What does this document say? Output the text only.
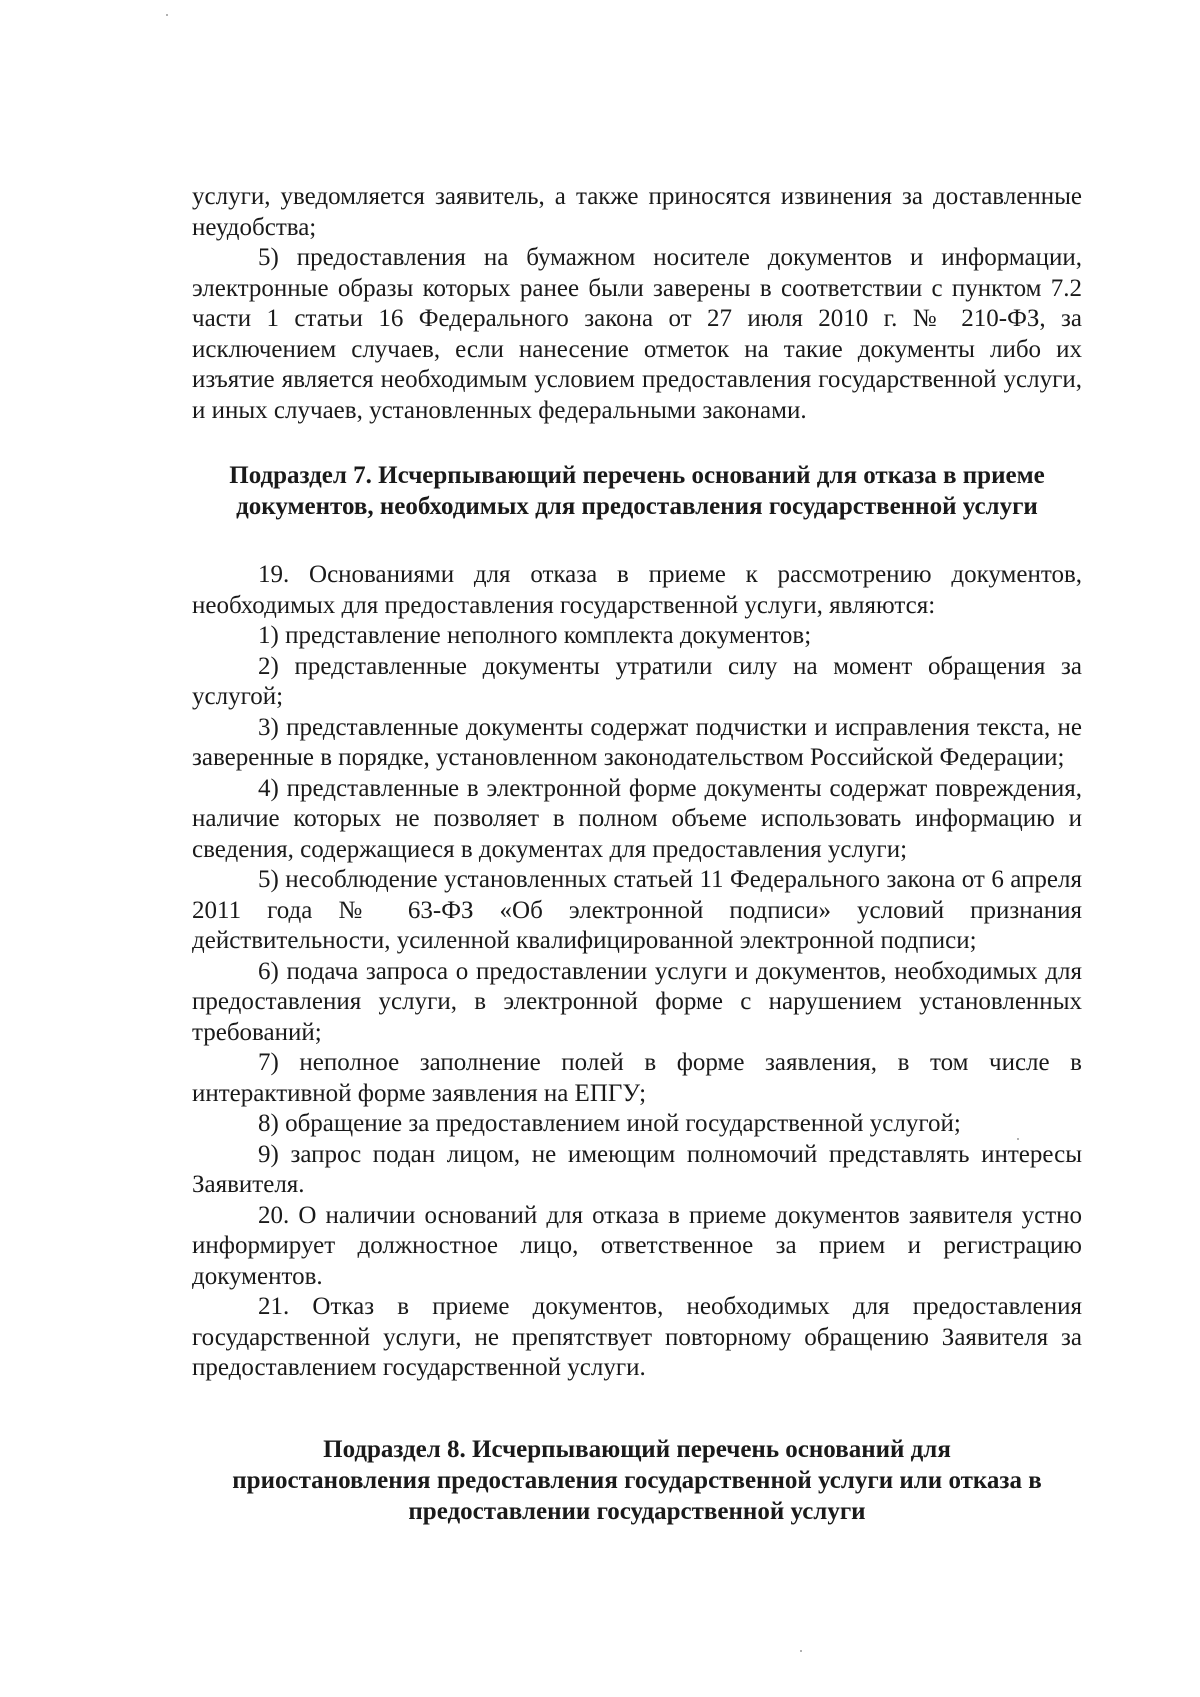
услуги, уведомляется заявитель, а также приносятся извинения за доставленные неудобства;

5) предоставления на бумажном носителе документов и информации, электронные образы которых ранее были заверены в соответствии с пунктом 7.2 части 1 статьи 16 Федерального закона от 27 июля 2010 г. № 210-ФЗ, за исключением случаев, если нанесение отметок на такие документы либо их изъятие является необходимым условием предоставления государственной услуги, и иных случаев, установленных федеральными законами.

Подраздел 7. Исчерпывающий перечень оснований для отказа в приеме документов, необходимых для предоставления государственной услуги

19. Основаниями для отказа в приеме к рассмотрению документов, необходимых для предоставления государственной услуги, являются:

1) представление неполного комплекта документов;

2) представленные документы утратили силу на момент обращения за услугой;

3) представленные документы содержат подчистки и исправления текста, не заверенные в порядке, установленном законодательством Российской Федерации;

4) представленные в электронной форме документы содержат повреждения, наличие которых не позволяет в полном объеме использовать информацию и сведения, содержащиеся в документах для предоставления услуги;

5) несоблюдение установленных статьей 11 Федерального закона от 6 апреля 2011 года № 63-ФЗ «Об электронной подписи» условий признания действительности, усиленной квалифицированной электронной подписи;

6) подача запроса о предоставлении услуги и документов, необходимых для предоставления услуги, в электронной форме с нарушением установленных требований;

7) неполное заполнение полей в форме заявления, в том числе в интерактивной форме заявления на ЕПГУ;

8) обращение за предоставлением иной государственной услугой;

9) запрос подан лицом, не имеющим полномочий представлять интересы Заявителя.

20. О наличии оснований для отказа в приеме документов заявителя устно информирует должностное лицо, ответственное за прием и регистрацию документов.

21. Отказ в приеме документов, необходимых для предоставления государственной услуги, не препятствует повторному обращению Заявителя за предоставлением государственной услуги.

Подраздел 8. Исчерпывающий перечень оснований для
приостановления предоставления государственной услуги или отказа в
предоставлении государственной услуги
